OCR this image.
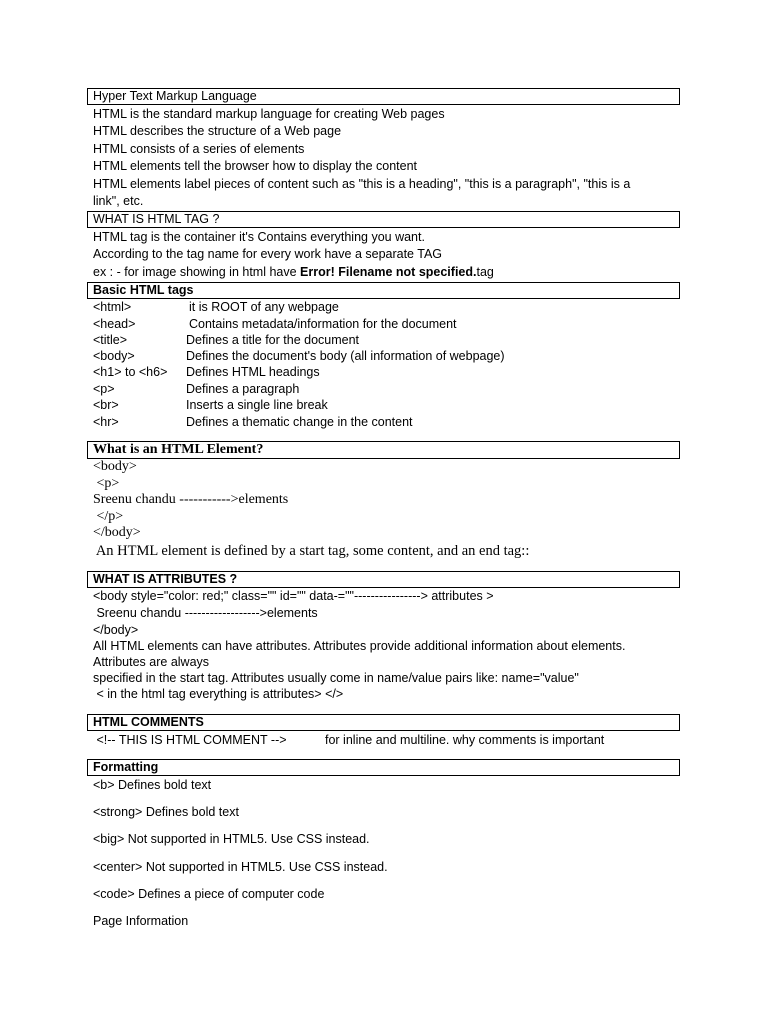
Hyper Text Markup Language
HTML is the standard markup language for creating Web pages
HTML describes the structure of a Web page
HTML consists of a series of elements
HTML elements tell the browser how to display the content
HTML elements label pieces of content such as "this is a heading", "this is a paragraph", "this is a
link", etc.
WHAT IS HTML TAG ?
HTML tag is the container it's Contains everything you want.
According to the tag name for every work have a separate TAG
ex : - for image showing in html have Error! Filename not specified.tag
Basic HTML tags
<html>	it is ROOT of any webpage
<head>	Contains metadata/information for the document
<title>	Defines a title for the document
<body>	Defines the document's body (all information of webpage)
<h1> to <h6> Defines HTML headings
<p>	Defines a paragraph
<br>	Inserts a single line break
<hr>	Defines a thematic change in the content
What is an HTML Element?
<body>
<p>
Sreenu chandu ----------->elements
</p>
</body>
An HTML element is defined by a start tag, some content, and an end tag::
WHAT IS ATTRIBUTES ?
<body style="color: red;" class="" id="" data-=""----------------> attributes >
Sreenu chandu ------------------>elements
</body>
All HTML elements can have attributes. Attributes provide additional information about elements.
Attributes are always
specified in the start tag. Attributes usually come in name/value pairs like: name="value"
< in the html tag everything is attributes> </>
HTML COMMENTS
<!-- THIS IS HTML COMMENT -->	for inline and multiline. why comments is important
Formatting
<b> Defines bold text
<strong> Defines bold text
<big> Not supported in HTML5. Use CSS instead.
<center> Not supported in HTML5. Use CSS instead.
<code> Defines a piece of computer code
Page Information
